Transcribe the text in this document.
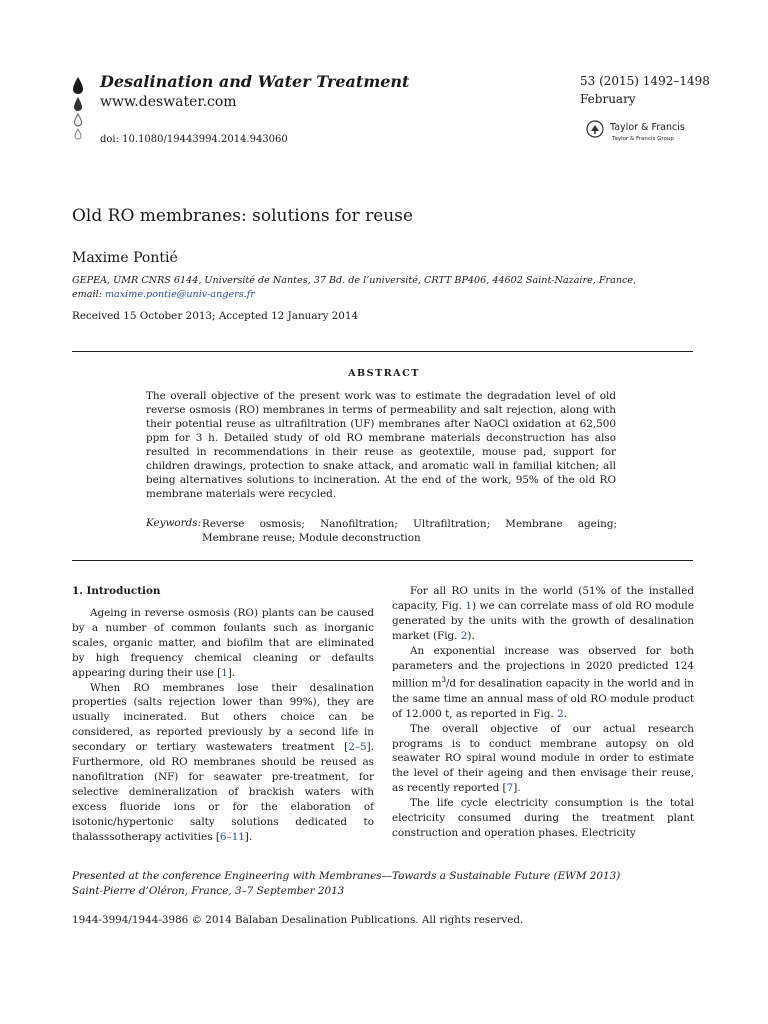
Desalination and Water Treatment
www.deswater.com
doi: 10.1080/19443994.2014.943060
53 (2015) 1492–1498
February
Taylor & Francis
Taylor & Francis Group
Old RO membranes: solutions for reuse
Maxime Pontié
GEPEA, UMR CNRS 6144, Université de Nantes, 37 Bd. de l’université, CRTT BP406, 44602 Saint-Nazaire, France,
email: maxime.pontie@univ-angers.fr
Received 15 October 2013; Accepted 12 January 2014
ABSTRACT
The overall objective of the present work was to estimate the degradation level of old reverse osmosis (RO) membranes in terms of permeability and salt rejection, along with their potential reuse as ultrafiltration (UF) membranes after NaOCl oxidation at 62,500 ppm for 3 h. Detailed study of old RO membrane materials deconstruction has also resulted in recommendations in their reuse as geotextile, mouse pad, support for children drawings, protection to snake attack, and aromatic wall in familial kitchen; all being alternatives solutions to incineration. At the end of the work, 95% of the old RO membrane materials were recycled.
Keywords: Reverse osmosis; Nanofiltration; Ultrafiltration; Membrane ageing; Membrane reuse; Module deconstruction
1. Introduction

Ageing in reverse osmosis (RO) plants can be caused by a number of common foulants such as inorganic scales, organic matter, and biofilm that are eliminated by high frequency chemical cleaning or defaults appearing during their use [1].

When RO membranes lose their desalination properties (salts rejection lower than 99%), they are usually incinerated. But others choice can be considered, as reported previously by a second life in secondary or tertiary wastewaters treatment [2–5]. Furthermore, old RO membranes should be reused as nanofiltration (NF) for seawater pre-treatment, for selective demineralization of brackish waters with excess fluoride ions or for the elaboration of isotonic/hypertonic salty solutions dedicated to thalasssotherapy activities [6–11].

For all RO units in the world (51% of the installed capacity, Fig. 1) we can correlate mass of old RO module generated by the units with the growth of desalination market (Fig. 2).

An exponential increase was observed for both parameters and the projections in 2020 predicted 124 million $m^3/d$ for desalination capacity in the world and in the same time an annual mass of old RO module product of 12.000 t, as reported in Fig. 2.

The overall objective of our actual research programs is to conduct membrane autopsy on old seawater RO spiral wound module in order to estimate the level of their ageing and then envisage their reuse, as recently reported [7].

The life cycle electricity consumption is the total electricity consumed during the treatment plant construction and operation phases. Electricity

Presented at the conference Engineering with Membranes—Towards a Sustainable Future (EWM 2013)
Saint-Pierre d’Oléron, France, 3–7 September 2013
1944-3994/1944-3986 © 2014 Balaban Desalination Publications. All rights reserved.
